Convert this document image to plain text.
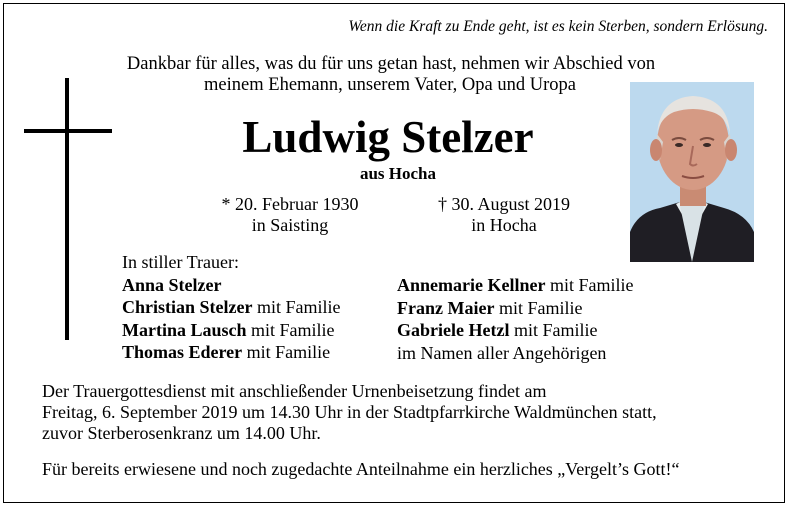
Wenn die Kraft zu Ende geht, ist es kein Sterben, sondern Erlösung.
Dankbar für alles, was du für uns getan hast, nehmen wir Abschied von
meinem Ehemann, unserem Vater, Opa und Uropa
Ludwig Stelzer
aus Hocha
* 20. Februar 1930
in Saisting
† 30. August 2019
in Hocha
In stiller Trauer:
Anna Stelzer
Christian Stelzer mit Familie
Martina Lausch mit Familie
Thomas Ederer mit Familie
Annemarie Kellner mit Familie
Franz Maier mit Familie
Gabriele Hetzl mit Familie
im Namen aller Angehörigen
Der Trauergottesdienst mit anschließender Urnenbeisetzung findet am
Freitag, 6. September 2019 um 14.30 Uhr in der Stadtpfarrkirche Waldmünchen statt,
zuvor Sterberosenkranz um 14.00 Uhr.
Für bereits erwiesene und noch zugedachte Anteilnahme ein herzliches „Vergelt’s Gott!“
